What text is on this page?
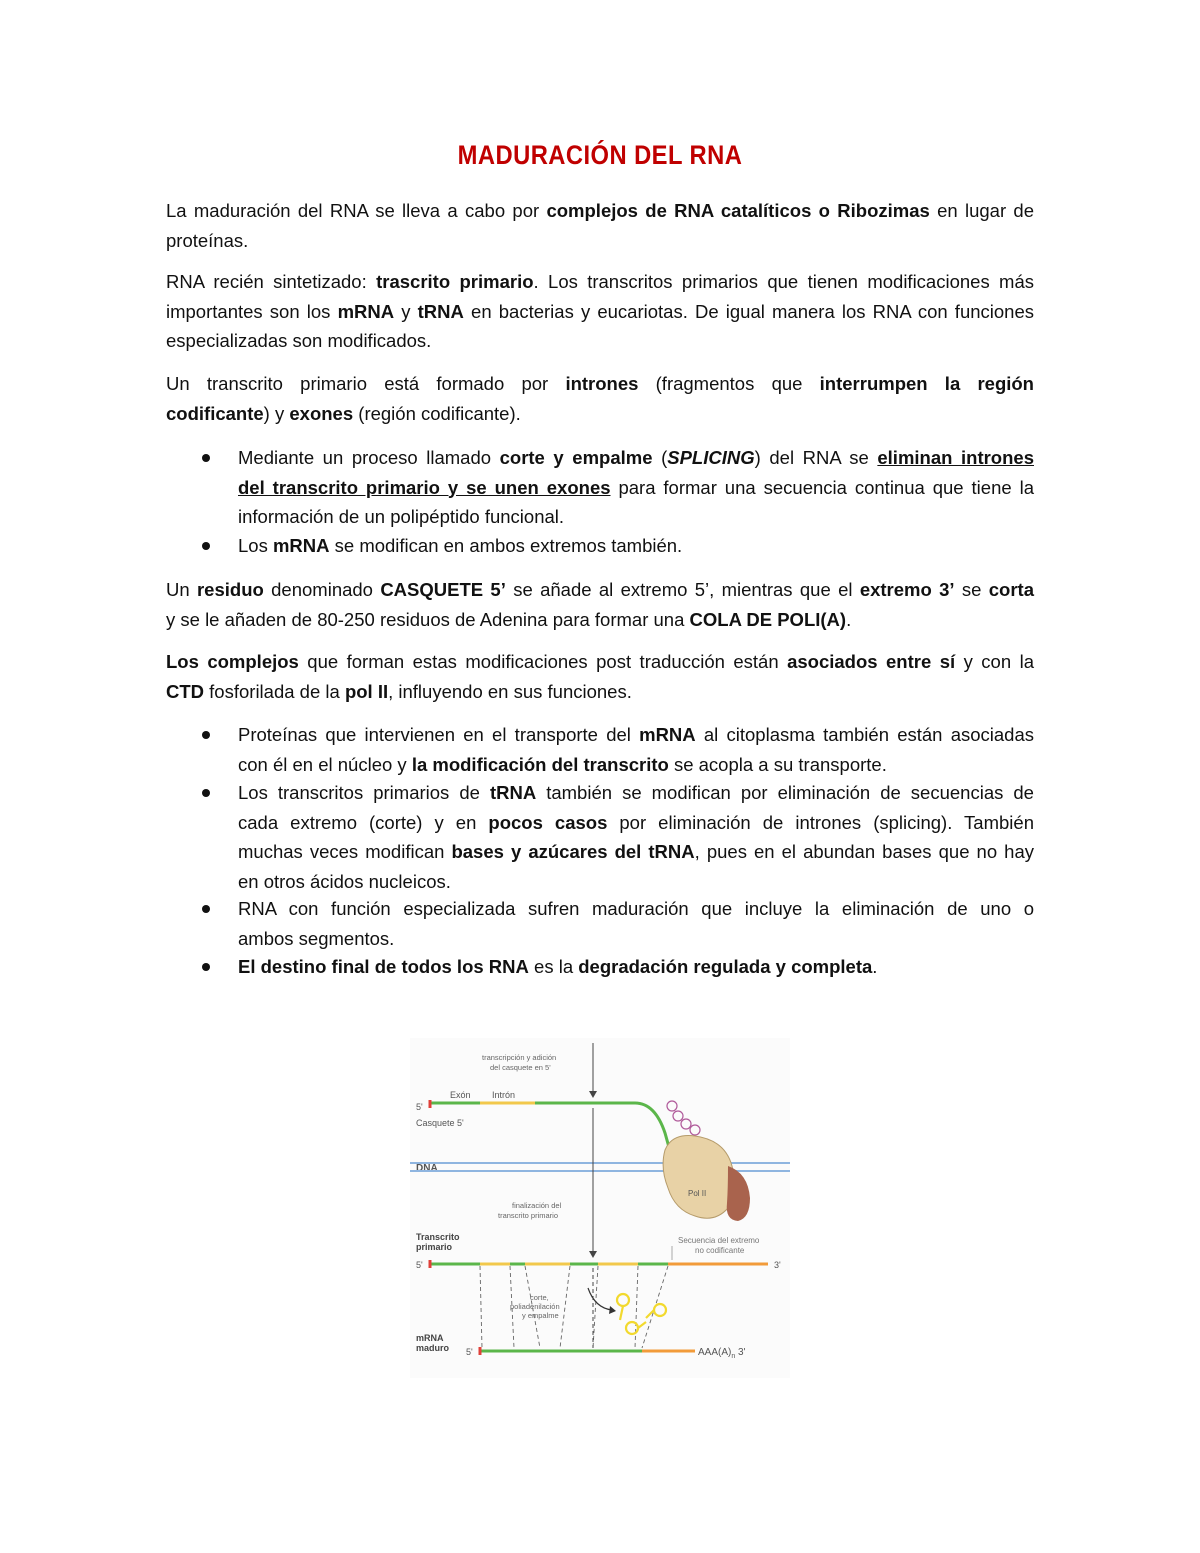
MADURACIÓN DEL RNA
La maduración del RNA se lleva a cabo por complejos de RNA catalíticos o Ribozimas en lugar de
proteínas.
RNA recién sintetizado: trascrito primario. Los transcritos primarios que tienen modificaciones más
importantes son los mRNA y tRNA en bacterias y eucariotas. De igual manera los RNA con funciones
especializadas son modificados.
Un transcrito primario está formado por intrones (fragmentos que interrumpen la región
codificante) y exones (región codificante).
Mediante un proceso llamado corte y empalme (SPLICING) del RNA se eliminan intrones
del transcrito primario y se unen exones para formar una secuencia continua que tiene la
información de un polipéptido funcional.
Los mRNA se modifican en ambos extremos también.
Un residuo denominado CASQUETE 5’ se añade al extremo 5’, mientras que el extremo 3’ se corta
y se le añaden de 80-250 residuos de Adenina para formar una COLA DE POLI(A).
Los complejos que forman estas modificaciones post traducción están asociados entre sí y con la
CTD fosforilada de la pol II, influyendo en sus funciones.
Proteínas que intervienen en el transporte del mRNA al citoplasma también están asociadas
con él en el núcleo y la modificación del transcrito se acopla a su transporte.
Los transcritos primarios de tRNA también se modifican por eliminación de secuencias de
cada extremo (corte) y en pocos casos por eliminación de intrones (splicing). También
muchas veces modifican bases y azúcares del tRNA, pues en el abundan bases que no hay
en otros ácidos nucleicos.
RNA con función especializada sufren maduración que incluye la eliminación de uno o
ambos segmentos.
El destino final de todos los RNA es la degradación regulada y completa.
transcripción y adición
del casquete en 5'
Exón Intrón
5'
Casquete 5'
DNA
Pol II
finalización del
transcrito primario
Transcrito
primario
5'
Secuencia del extremo
no codificante
3'
corte,
poliadenilación
y empalme
mRNA
maduro 5'	$AAA(A)_n$ 3'
